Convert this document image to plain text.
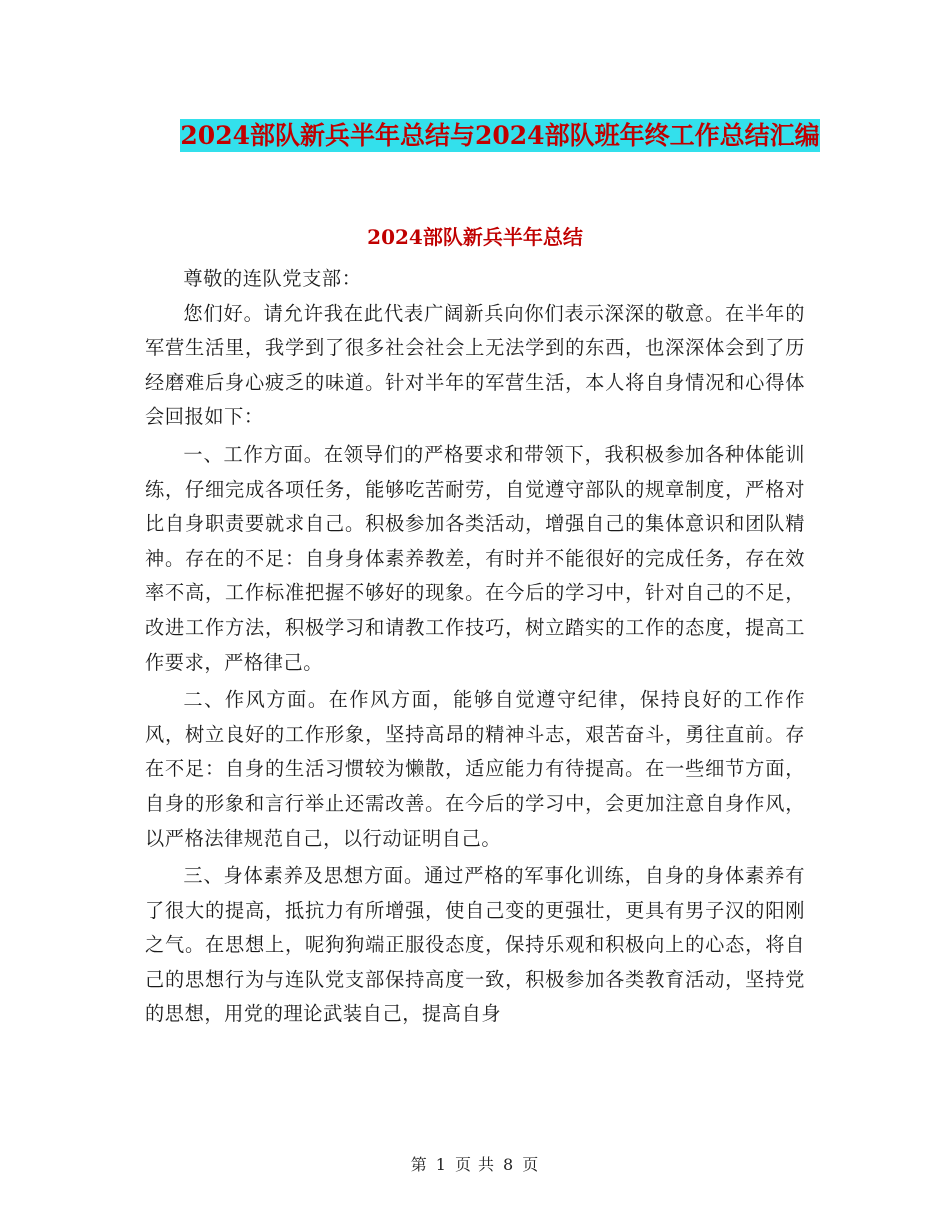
2024部队新兵半年总结与2024部队班年终工作总结汇编
2024部队新兵半年总结

尊敬的连队党支部：

您们好。请允许我在此代表广阔新兵向你们表示深深的敬意。在半年的军营生活里，我学到了很多社会社会上无法学到的东西，也深深体会到了历经磨难后身心疲乏的味道。针对半年的军营生活，本人将自身情况和心得体会回报如下：

一、工作方面。在领导们的严格要求和带领下，我积极参加各种体能训练，仔细完成各项任务，能够吃苦耐劳，自觉遵守部队的规章制度，严格对比自身职责要就求自己。积极参加各类活动，增强自己的集体意识和团队精神。存在的不足：自身身体素养教差，有时并不能很好的完成任务，存在效率不高，工作标准把握不够好的现象。在今后的学习中，针对自己的不足，改进工作方法，积极学习和请教工作技巧，树立踏实的工作的态度，提高工作要求，严格律己。

二、作风方面。在作风方面，能够自觉遵守纪律，保持良好的工作作风，树立良好的工作形象，坚持高昂的精神斗志，艰苦奋斗，勇往直前。存在不足：自身的生活习惯较为懒散，适应能力有待提高。在一些细节方面，自身的形象和言行举止还需改善。在今后的学习中，会更加注意自身作风，以严格法律规范自己，以行动证明自己。

三、身体素养及思想方面。通过严格的军事化训练，自身的身体素养有了很大的提高，抵抗力有所增强，使自己变的更强壮，更具有男子汉的阳刚之气。在思想上，呢狗狗端正服役态度，保持乐观和积极向上的心态，将自己的思想行为与连队党支部保持高度一致，积极参加各类教育活动，坚持党的思想，用党的理论武装自己，提高自身

第 1 页 共 8 页
